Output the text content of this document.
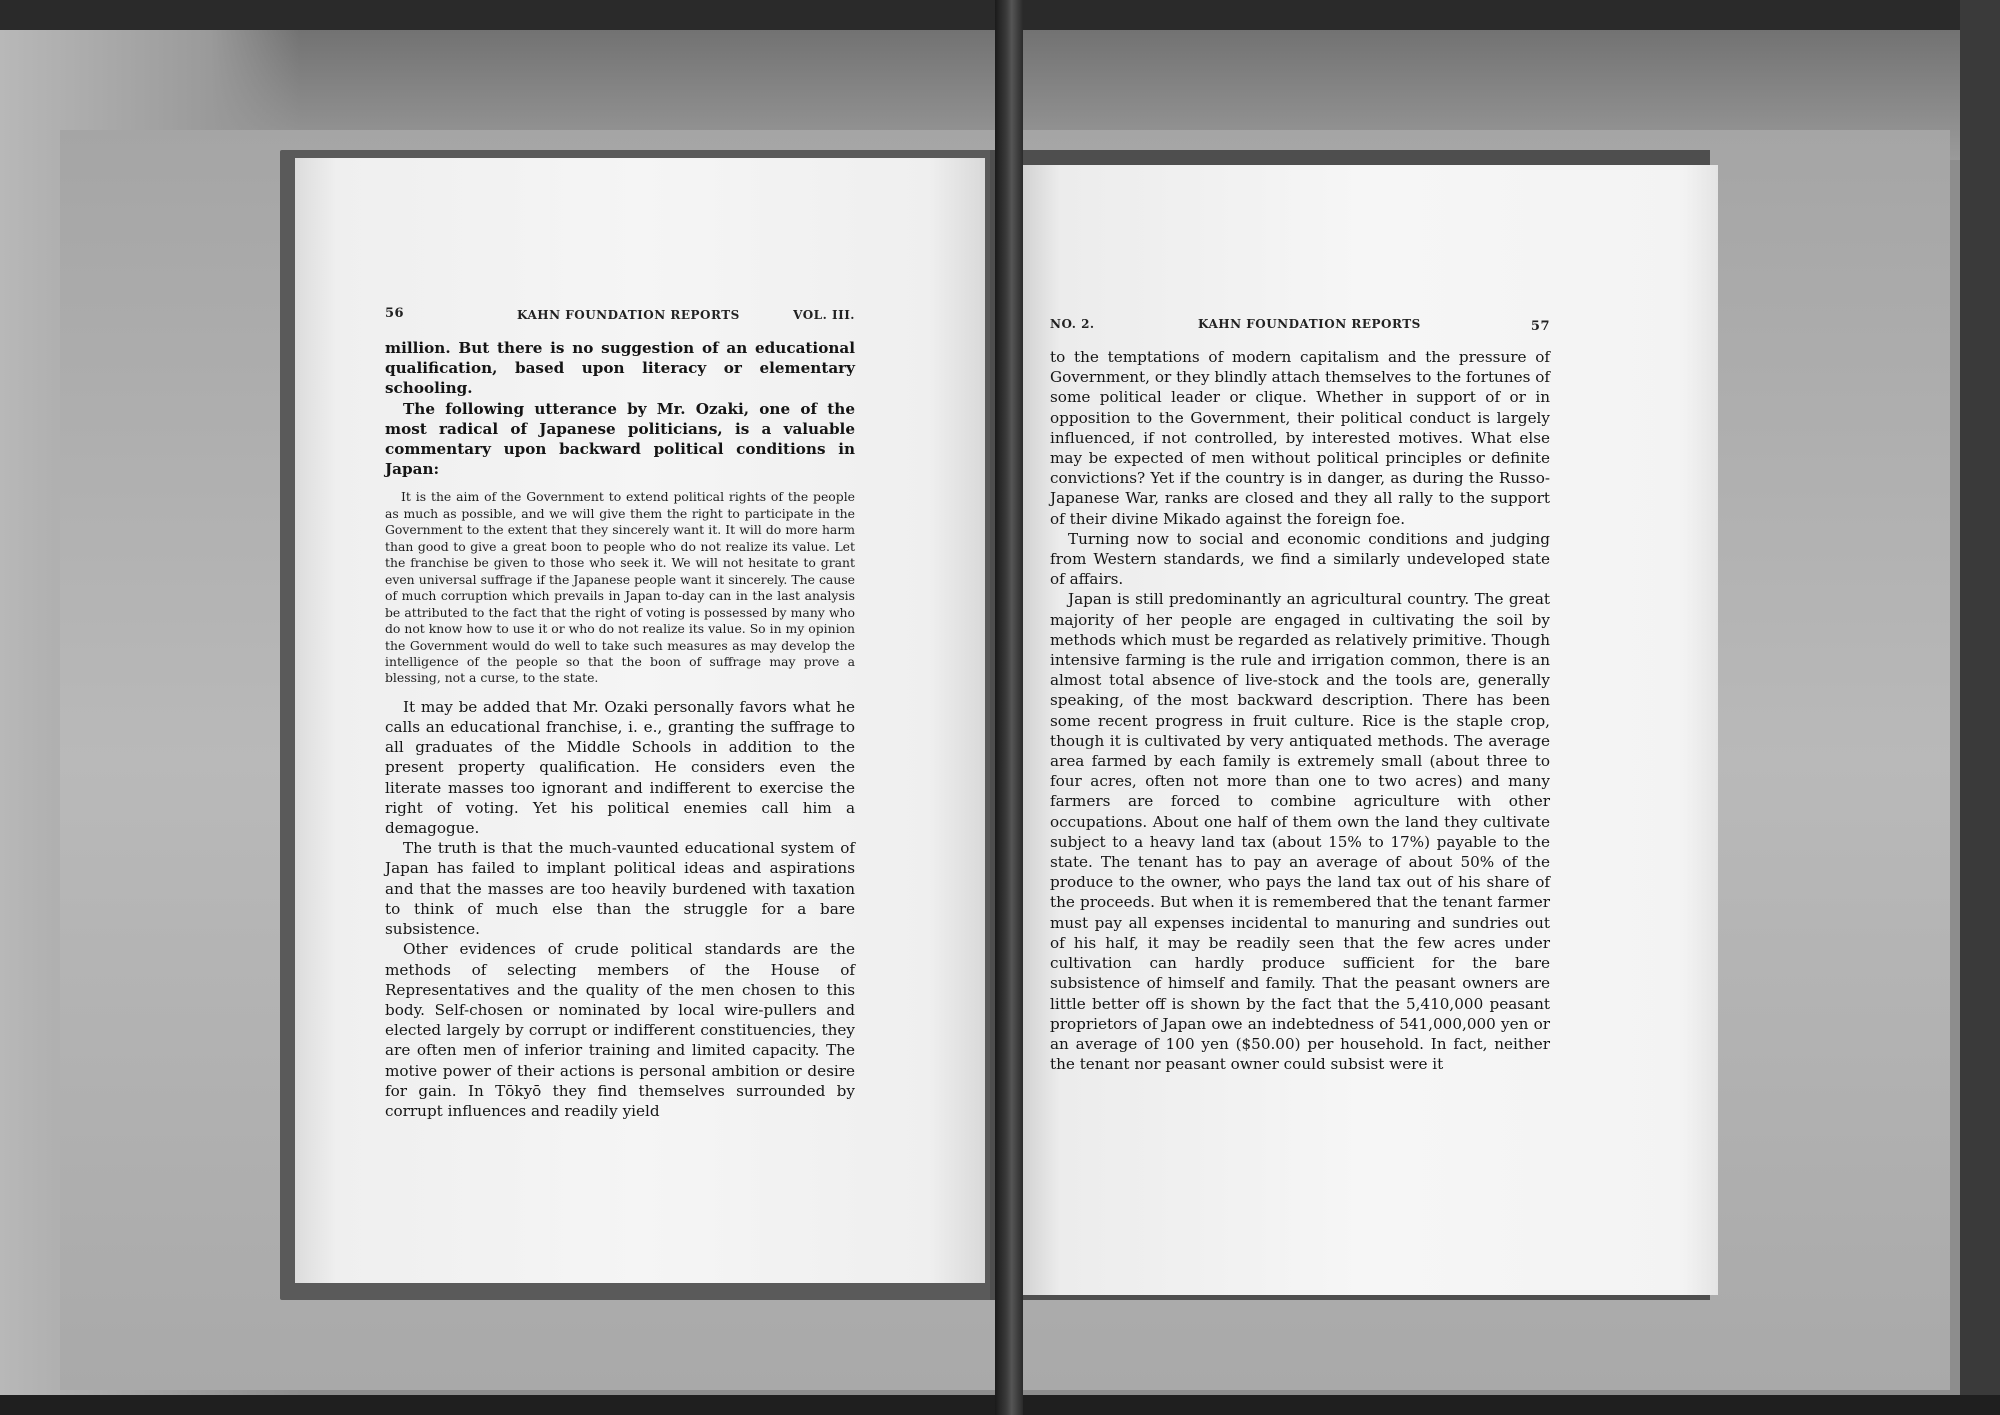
56	KAHN FOUNDATION REPORTS	VOL. III.

million. But there is no suggestion of an educational qualification, based upon literacy or elementary schooling.

The following utterance by Mr. Ozaki, one of the most radical of Japanese politicians, is a valuable commentary upon backward political conditions in Japan:

It is the aim of the Government to extend political rights of the people as much as possible, and we will give them the right to participate in the Government to the extent that they sincerely want it. It will do more harm than good to give a great boon to people who do not realize its value. Let the franchise be given to those who seek it. We will not hesitate to grant even universal suffrage if the Japanese people want it sincerely. The cause of much corruption which prevails in Japan to-day can in the last analysis be attributed to the fact that the right of voting is possessed by many who do not know how to use it or who do not realize its value. So in my opinion the Government would do well to take such measures as may develop the intelligence of the people so that the boon of suffrage may prove a blessing, not a curse, to the state.

It may be added that Mr. Ozaki personally favors what he calls an educational franchise, i. e., granting the suffrage to all graduates of the Middle Schools in addition to the present property qualification. He considers even the literate masses too ignorant and indifferent to exercise the right of voting. Yet his political enemies call him a demagogue.

The truth is that the much-vaunted educational system of Japan has failed to implant political ideas and aspirations and that the masses are too heavily burdened with taxation to think of much else than the struggle for a bare subsistence.

Other evidences of crude political standards are the methods of selecting members of the House of Representatives and the quality of the men chosen to this body. Self-chosen or nominated by local wire-pullers and elected largely by corrupt or indifferent constituencies, they are often men of inferior training and limited capacity. The motive power of their actions is personal ambition or desire for gain. In Tōkyō they find themselves surrounded by corrupt influences and readily yield

NO. 2.	KAHN FOUNDATION REPORTS	57

to the temptations of modern capitalism and the pressure of Government, or they blindly attach themselves to the fortunes of some political leader or clique. Whether in support of or in opposition to the Government, their political conduct is largely influenced, if not controlled, by interested motives. What else may be expected of men without political principles or definite convictions? Yet if the country is in danger, as during the Russo-Japanese War, ranks are closed and they all rally to the support of their divine Mikado against the foreign foe.

Turning now to social and economic conditions and judging from Western standards, we find a similarly undeveloped state of affairs.

Japan is still predominantly an agricultural country. The great majority of her people are engaged in cultivating the soil by methods which must be regarded as relatively primitive. Though intensive farming is the rule and irrigation common, there is an almost total absence of live-stock and the tools are, generally speaking, of the most backward description. There has been some recent progress in fruit culture. Rice is the staple crop, though it is cultivated by very antiquated methods. The average area farmed by each family is extremely small (about three to four acres, often not more than one to two acres) and many farmers are forced to combine agriculture with other occupations. About one half of them own the land they cultivate subject to a heavy land tax (about 15% to 17%) payable to the state. The tenant has to pay an average of about 50% of the produce to the owner, who pays the land tax out of his share of the proceeds. But when it is remembered that the tenant farmer must pay all expenses incidental to manuring and sundries out of his half, it may be readily seen that the few acres under cultivation can hardly produce sufficient for the bare subsistence of himself and family. That the peasant owners are little better off is shown by the fact that the 5,410,000 peasant proprietors of Japan owe an indebtedness of 541,000,000 yen or an average of 100 yen ($50.00) per household. In fact, neither the tenant nor peasant owner could subsist were it
